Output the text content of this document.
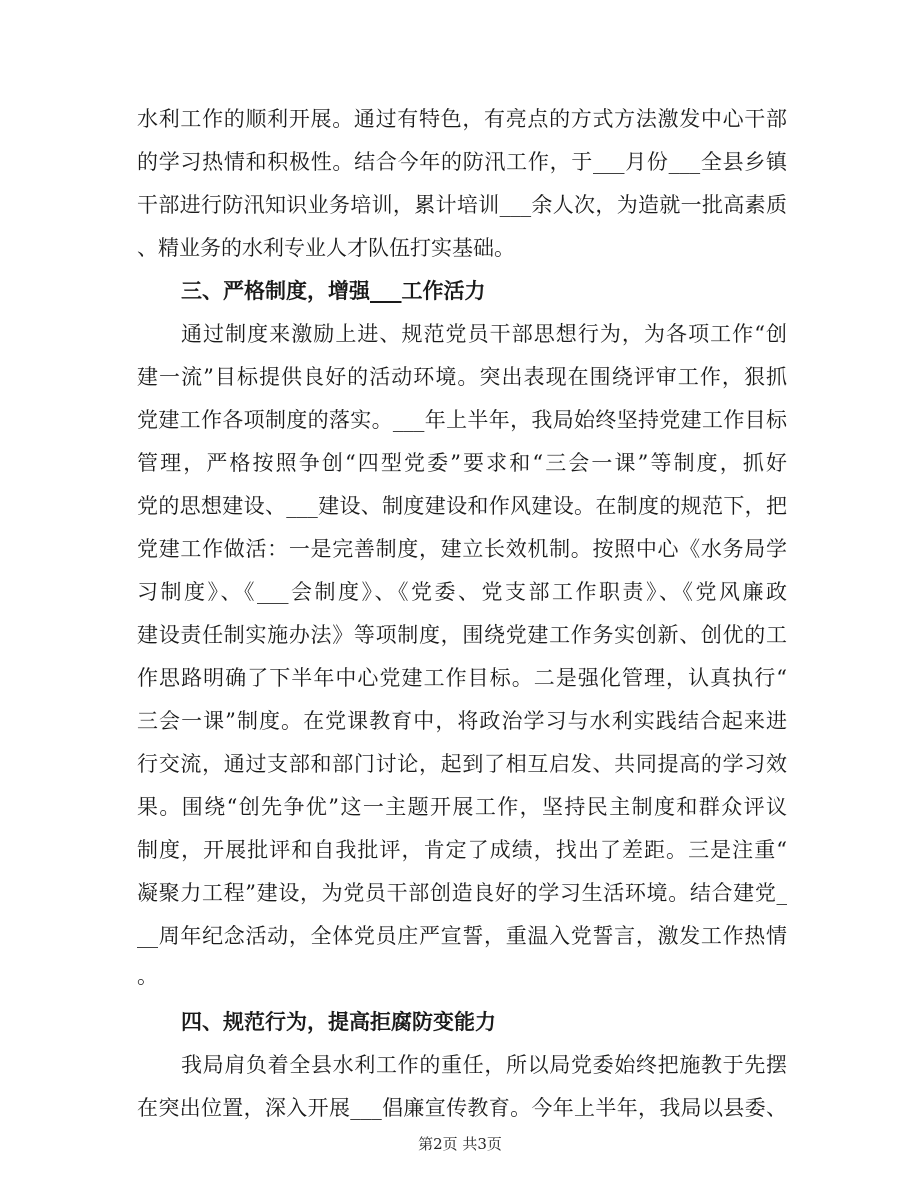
水利工作的顺利开展。通过有特色，有亮点的方式方法激发中心干部
的学习热情和积极性。结合今年的防汛工作，于___月份___全县乡镇
干部进行防汛知识业务培训，累计培训___余人次，为造就一批高素质
、精业务的水利专业人才队伍打实基础。
三、严格制度，增强___工作活力
通过制度来激励上进、规范党员干部思想行为，为各项工作“创
建一流”目标提供良好的活动环境。突出表现在围绕评审工作，狠抓
党建工作各项制度的落实。___年上半年，我局始终坚持党建工作目标
管理，严格按照争创“四型党委”要求和“三会一课”等制度，抓好
党的思想建设、___建设、制度建设和作风建设。在制度的规范下，把
党建工作做活：一是完善制度，建立长效机制。按照中心《水务局学
习制度》、《___会制度》、《党委、党支部工作职责》、《党风廉政
建设责任制实施办法》等项制度，围绕党建工作务实创新、创优的工
作思路明确了下半年中心党建工作目标。二是强化管理，认真执行“
三会一课”制度。在党课教育中，将政治学习与水利实践结合起来进
行交流，通过支部和部门讨论，起到了相互启发、共同提高的学习效
果。围绕“创先争优”这一主题开展工作，坚持民主制度和群众评议
制度，开展批评和自我批评，肯定了成绩，找出了差距。三是注重“
凝聚力工程”建设，为党员干部创造良好的学习生活环境。结合建党_
__周年纪念活动，全体党员庄严宣誓，重温入党誓言，激发工作热情
。
四、规范行为，提高拒腐防变能力
我局肩负着全县水利工作的重任，所以局党委始终把施教于先摆
在突出位置，深入开展___倡廉宣传教育。今年上半年，我局以县委、
第2页 共3页
